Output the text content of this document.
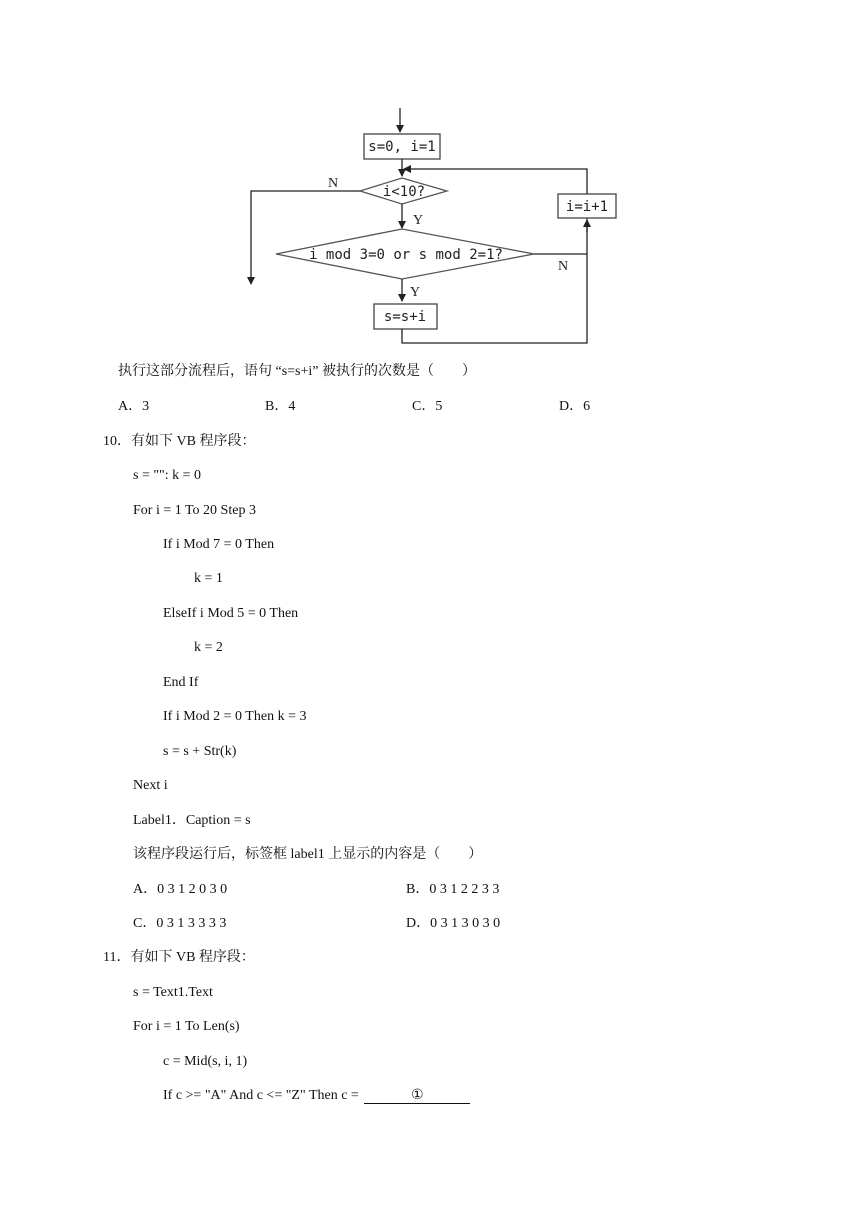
s=0, i=1
i<10?
i mod 3=0 or s mod 2=1?
s=s+i
i=i+1
N
Y
Y
N
执行这部分流程后，语句 “s=s+i” 被执行的次数是（　　）
A．3	B．4	C．5	D．6
10．有如下 VB 程序段：
s = "": k = 0
For i = 1 To 20 Step 3
If i Mod 7 = 0 Then
k = 1
ElseIf i Mod 5 = 0 Then
k = 2
End If
If i Mod 2 = 0 Then k = 3
s = s + Str(k)
Next i
Label1．Caption = s
该程序段运行后，标签框 label1 上显示的内容是（　　）
A．0 3 1 2 0 3 0	B．0 3 1 2 2 3 3
C．0 3 1 3 3 3 3	D．0 3 1 3 0 3 0
11．有如下 VB 程序段：
s = Text1.Text
For i = 1 To Len(s)
c = Mid(s, i, 1)
If c >= "A" And c <= "Z" Then c =	①
